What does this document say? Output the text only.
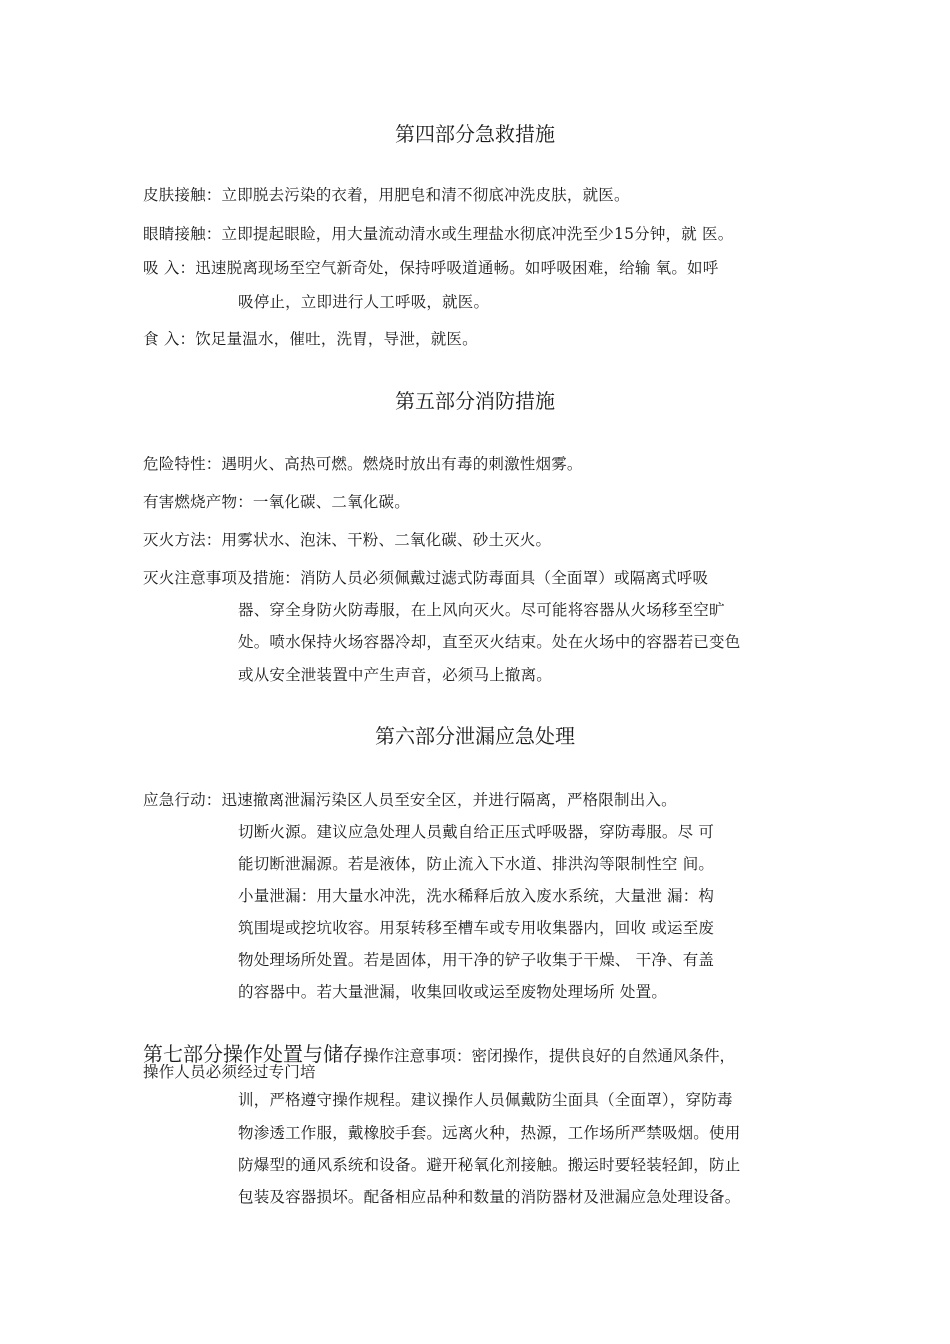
第四部分急救措施
皮肤接触：立即脱去污染的衣着，用肥皂和清不彻底冲洗皮肤，就医。
眼睛接触：立即提起眼睑，用大量流动清水或生理盐水彻底冲洗至少15分钟，就 医。
吸 入：迅速脱离现场至空气新奇处，保持呼吸道通畅。如呼吸困难，给输 氧。如呼
吸停止，立即进行人工呼吸，就医。
食 入：饮足量温水，催吐，洗胃，导泄，就医。
第五部分消防措施
危险特性：遇明火、高热可燃。燃烧时放出有毒的刺激性烟雾。
有害燃烧产物：一氧化碳、二氧化碳。
灭火方法：用雾状水、泡沫、干粉、二氧化碳、砂土灭火。
灭火注意事项及措施：消防人员必须佩戴过滤式防毒面具（全面罩）或隔离式呼吸
器、穿全身防火防毒服，在上风向灭火。尽可能将容器从火场移至空旷
处。喷水保持火场容器冷却，直至灭火结束。处在火场中的容器若已变色
或从安全泄装置中产生声音，必须马上撤离。
第六部分泄漏应急处理
应急行动：迅速撤离泄漏污染区人员至安全区，并进行隔离，严格限制出入。
切断火源。建议应急处理人员戴自给正压式呼吸器，穿防毒服。尽 可
能切断泄漏源。若是液体，防止流入下水道、排洪沟等限制性空 间。
小量泄漏：用大量水冲洗，洗水稀释后放入废水系统，大量泄 漏：构
筑围堤或挖坑收容。用泵转移至槽车或专用收集器内，回收 或运至废
物处理场所处置。若是固体，用干净的铲子收集于干燥、 干净、有盖
的容器中。若大量泄漏，收集回收或运至废物处理场所 处置。
第七部分操作处置与储存操作注意事项：密闭操作，提供良好的自然通风条件，
操作人员必须经过专门培
训，严格遵守操作规程。建议操作人员佩戴防尘面具（全面罩），穿防毒
物渗透工作服，戴橡胶手套。远离火种，热源，工作场所严禁吸烟。使用
防爆型的通风系统和设备。避开秘氧化剂接触。搬运时要轻装轻卸，防止
包装及容器损坏。配备相应品种和数量的消防器材及泄漏应急处理设备。
